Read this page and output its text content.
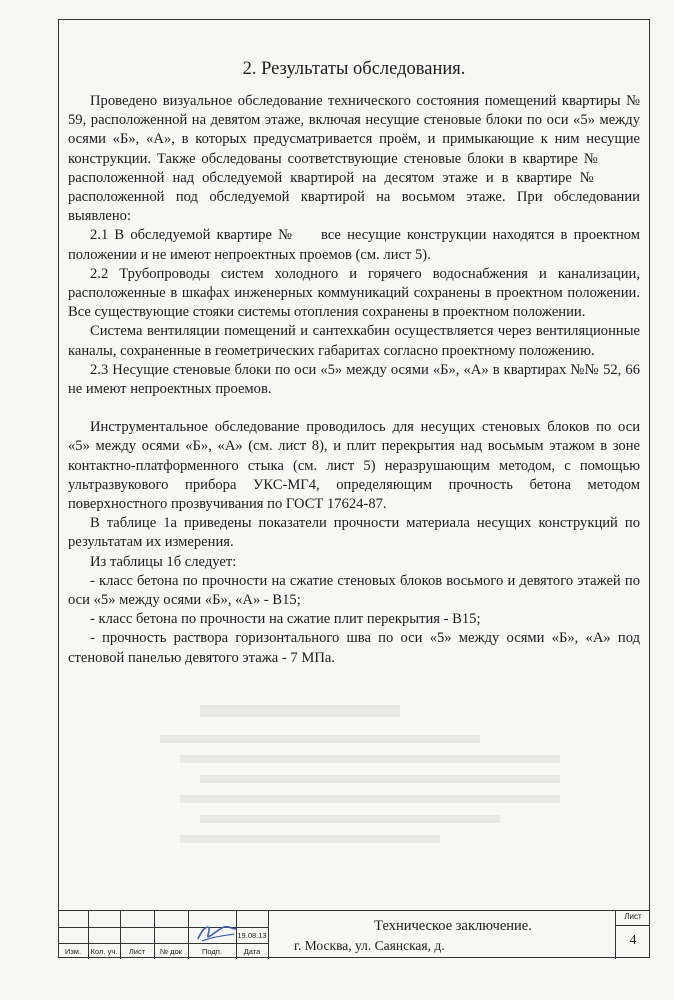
2. Результаты обследования.

Проведено визуальное обследование технического состояния помещений квартиры № 59, расположенной на девятом этаже, включая несущие стеновые блоки по оси «5» между осями «Б», «А», в которых предусматривается проём, и примыкающие к ним несущие конструкции. Также обследованы соответствующие стеновые блоки в квартире №  расположенной над обследуемой квартирой на десятом этаже и в квартире №  расположенной под обследуемой квартирой на восьмом этаже. При обследовании выявлено:

2.1 В обследуемой квартире № все несущие конструкции находятся в проектном положении и не имеют непроектных проемов (см. лист 5).

2.2 Трубопроводы систем холодного и горячего водоснабжения и канализации, расположенные в шкафах инженерных коммуникаций сохранены в проектном положении. Все существующие стояки системы отопления сохранены в проектном положении.

Система вентиляции помещений и сантехкабин осуществляется через вентиляционные каналы, сохраненные в геометрических габаритах согласно проектному положению.

2.3 Несущие стеновые блоки по оси «5» между осями «Б», «А» в квартирах №№ 52, 66 не имеют непроектных проемов.

Инструментальное обследование проводилось для несущих стеновых блоков по оси «5» между осями «Б», «А» (см. лист 8), и плит перекрытия над восьмым этажом в зоне контактно-платформенного стыка (см. лист 5) неразрушающим методом, с помощью ультразвукового прибора УКС-МГ4, определяющим прочность бетона методом поверхностного прозвучивания по ГОСТ 17624-87.

В таблице 1а приведены показатели прочности материала несущих конструкций по результатам их измерения.

Из таблицы 1б следует:

- класс бетона по прочности на сжатие стеновых блоков восьмого и девятого этажей по оси «5» между осями «Б», «А» - В15;

- класс бетона по прочности на сжатие плит перекрытия - В15;

- прочность раствора горизонтального шва по оси «5» между осями «Б», «А» под стеновой панелью девятого этажа - 7 МПа.

Изм.	Кол. уч.	Лист	№ док	Подп.	Дата
19.08.13
Техническое заключение.
г. Москва, ул. Саянская, д.
Лист
4
